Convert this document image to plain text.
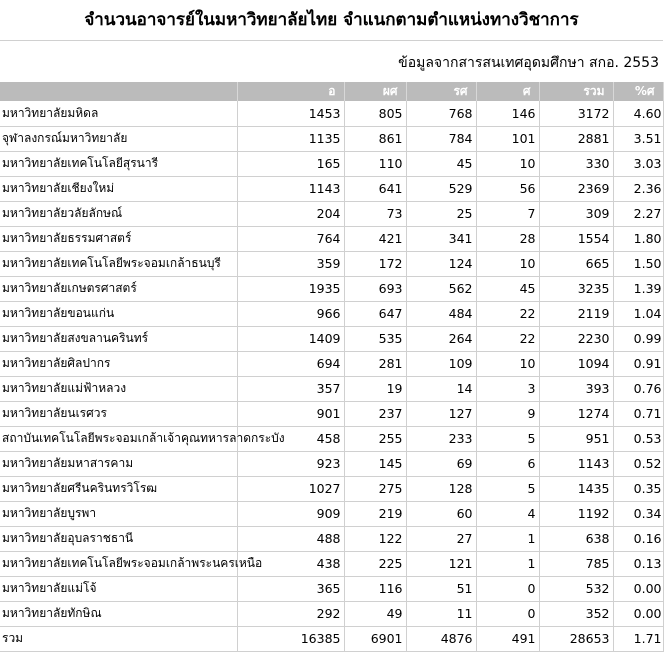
จำนวนอาจารย์ในมหาวิทยาลัยไทย จำแนกตามตำแหน่งทางวิชาการ
ข้อมูลจากสารสนเทศอุดมศึกษา สกอ. 2553
	อ	ผศ	รศ	ศ	รวม	%ศ
มหาวิทยาลัยมหิดล	1453	805	768	146	3172	4.60
จุฬาลงกรณ์มหาวิทยาลัย	1135	861	784	101	2881	3.51
มหาวิทยาลัยเทคโนโลยีสุรนารี	165	110	45	10	330	3.03
มหาวิทยาลัยเชียงใหม่	1143	641	529	56	2369	2.36
มหาวิทยาลัยวลัยลักษณ์	204	73	25	7	309	2.27
มหาวิทยาลัยธรรมศาสตร์	764	421	341	28	1554	1.80
มหาวิทยาลัยเทคโนโลยีพระจอมเกล้าธนบุรี	359	172	124	10	665	1.50
มหาวิทยาลัยเกษตรศาสตร์	1935	693	562	45	3235	1.39
มหาวิทยาลัยขอนแก่น	966	647	484	22	2119	1.04
มหาวิทยาลัยสงขลานครินทร์	1409	535	264	22	2230	0.99
มหาวิทยาลัยศิลปากร	694	281	109	10	1094	0.91
มหาวิทยาลัยแม่ฟ้าหลวง	357	19	14	3	393	0.76
มหาวิทยาลัยนเรศวร	901	237	127	9	1274	0.71
สถาบันเทคโนโลยีพระจอมเกล้าเจ้าคุณทหารลาดกระบัง	458	255	233	5	951	0.53
มหาวิทยาลัยมหาสารคาม	923	145	69	6	1143	0.52
มหาวิทยาลัยศรีนครินทรวิโรฒ	1027	275	128	5	1435	0.35
มหาวิทยาลัยบูรพา	909	219	60	4	1192	0.34
มหาวิทยาลัยอุบลราชธานี	488	122	27	1	638	0.16
มหาวิทยาลัยเทคโนโลยีพระจอมเกล้าพระนครเหนือ	438	225	121	1	785	0.13
มหาวิทยาลัยแม่โจ้	365	116	51	0	532	0.00
มหาวิทยาลัยทักษิณ	292	49	11	0	352	0.00
รวม	16385	6901	4876	491	28653	1.71
